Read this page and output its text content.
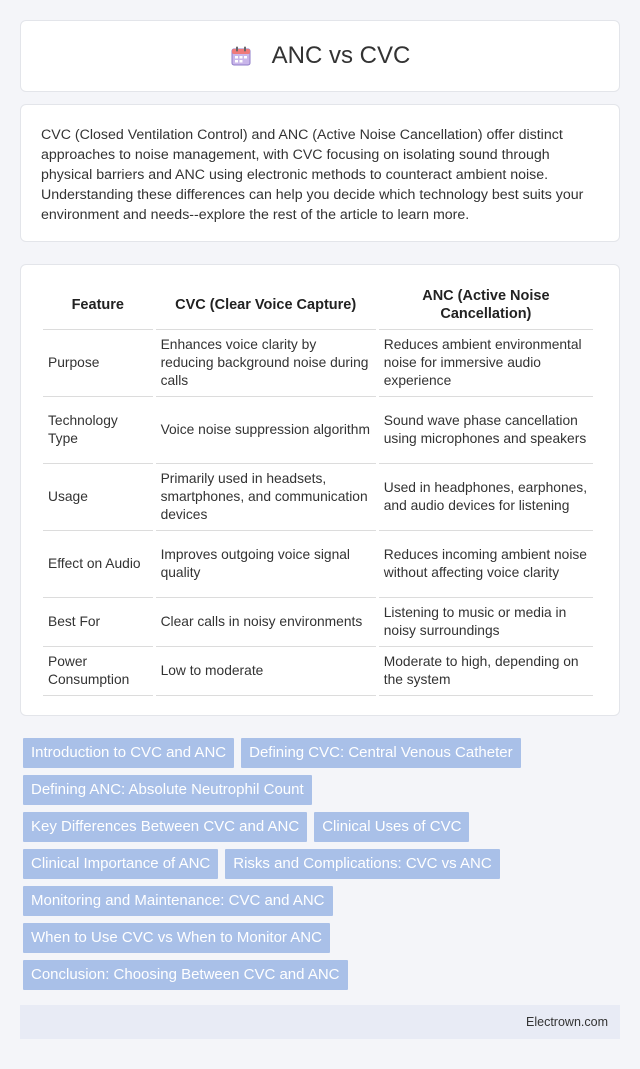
ANC vs CVC

CVC (Closed Ventilation Control) and ANC (Active Noise Cancellation) offer distinct approaches to noise management, with CVC focusing on isolating sound through physical barriers and ANC using electronic methods to counteract ambient noise. Understanding these differences can help you decide which technology best suits your environment and needs--explore the rest of the article to learn more.

Feature	CVC (Clear Voice Capture)	ANC (Active Noise Cancellation)
Purpose	Enhances voice clarity by reducing background noise during calls	Reduces ambient environmental noise for immersive audio experience
Technology Type	Voice noise suppression algorithm	Sound wave phase cancellation using microphones and speakers
Usage	Primarily used in headsets, smartphones, and communication devices	Used in headphones, earphones, and audio devices for listening
Effect on Audio	Improves outgoing voice signal quality	Reduces incoming ambient noise without affecting voice clarity
Best For	Clear calls in noisy environments	Listening to music or media in noisy surroundings
Power Consumption	Low to moderate	Moderate to high, depending on the system
Introduction to CVC and ANC	Defining CVC: Central Venous Catheter
Defining ANC: Absolute Neutrophil Count
Key Differences Between CVC and ANC	Clinical Uses of CVC
Clinical Importance of ANC	Risks and Complications: CVC vs ANC
Monitoring and Maintenance: CVC and ANC
When to Use CVC vs When to Monitor ANC
Conclusion: Choosing Between CVC and ANC
Electrown.com
